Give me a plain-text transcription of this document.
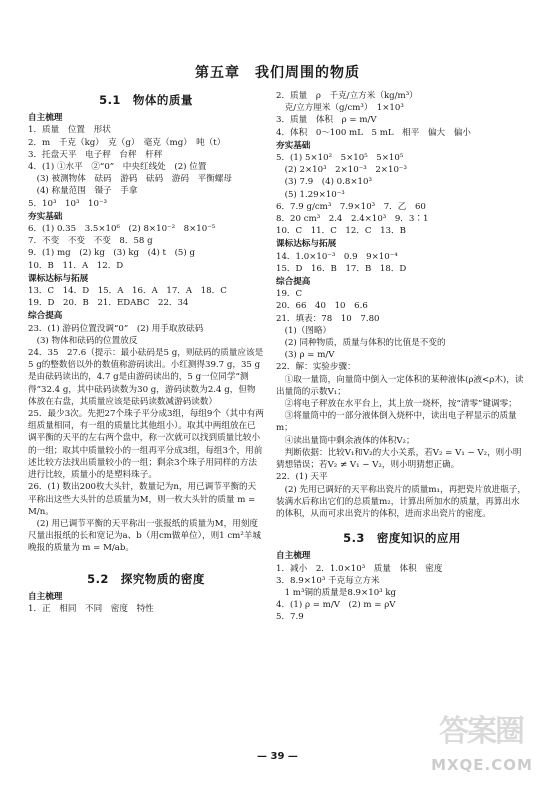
第五章　我们周围的物质
5.1　物体的质量
自主梳理
1．质量　位置　形状
2．m　千克（kg）　克（g）　毫克（mg）　吨（t）
3．托盘天平　电子秤　台秤　杆秤
4．(1) ①水平　②“0”　中央红线处　(2) 位置
　(3) 被测物体　砝码　游码　砝码　游码　平衡螺母
　(4) 称量范围　镊子　手拿
5．10³　10³　10⁻³
夯实基础
6．(1) 0.35　3.5×10⁶　(2) 8×10⁻²　8×10⁻⁵
7．不变　不变　不变　8．58 g
9．(1) mg　(2) kg　(3) kg　(4) t　(5) g
10．B　11．A　12．D
课标达标与拓展
13．C　14．D　15．A　16．A　17．A　18．C
19．D　20．B　21．EDABC　22．34
综合提高
23．(1) 游码位置没调“0”　(2) 用手取放砝码
　(3) 物体和砝码的位置放反
24．35　27.6（提示：最小砝码是5 g，则砝码的质量应该是5 g的整数倍以外的数值称游码读出。小红测得39.7 g，35 g是由砝码读出的，4.7 g是由游码读出的，5 g一位同学“测得”32.4 g，其中砝码读数为30 g，游码读数为2.4 g，但物体放在右盘，其质量应该是砝码读数减游码读数）
25．最少3次。先把27个珠子平分成3组，每组9个（其中有两组质量相同，有一组的质量比其他组小）。取其中两组放在已调平衡的天平的左右两个盘中，称一次就可以找到质量比较小的一组；取其中质量较小的一组再平分成3组，每组3个，用前述比较方法找出质量较小的一组；剩余3个珠子用同样的方法进行比较，质量小的是塑料珠子。
26．(1) 数出200枚大头针，数量记为n，用已调节平衡的天平称出这些大头针的总质量为M，则一枚大头针的质量 m = M/n。
　(2) 用已调节平衡的天平称出一张报纸的质量为M，用刻度尺量出报纸的长和宽记为a、b（用cm做单位），则1 cm²羊城晚报的质量为 m = M/ab。
5.2　探究物质的密度
自主梳理
1．正　相同　不同　密度　特性
2．质量　ρ　千克/立方米（kg/m³）
　克/立方厘米（g/cm³）　1×10³
3．质量　体积　ρ = m/V
4．体积　0～100 mL　5 mL　相平　偏大　偏小
夯实基础
5．(1) 5×10²　5×10⁵　5×10⁵
　(2) 2×10³　2×10⁻³　2×10⁻³
　(3) 7.9　(4) 0.8×10³
　(5) 1.29×10⁻³
6．7.9 g/cm³　7.9×10³　7．乙　60
8．20 cm³　2.4　2.4×10³　9．3∶1
10．C　11．C　12．C　13．B
课标达标与拓展
14．1.0×10⁻³　0.9　9×10⁻⁴
15．D　16．B　17．B　18．D
综合提高
19．C
20．66　40　10　6.6
21．填表：78　10　7.80
　(1)（图略）
　(2) 同种物质，质量与体积的比值是不变的
　(3) ρ = m/V
22．解：实验步骤：
　①取一量筒，向量筒中倒入一定体积的某种液体(ρ液<ρ木)，读出量筒的示数V₁；
　②将电子秤放在水平台上，其上放一烧杯，按“清零”键调零；
　③将量筒中的一部分液体倒入烧杯中，读出电子秤显示的质量m；
　④读出量筒中剩余液体的体积V₂；
　判断依据：比较V₁和V₂的大小关系，若V₂ = V₁ − V₂，则小明猜想错误；若V₂ ≠ V₁ − V₂，则小明猜想正确。
22．(1) 天平
　(2) 先用已调好的天平称出瓷片的质量m₁，再把瓷片放进瓶子，装满水后称出它们的总质量m₂，计算出所加水的质量，再算出水的体积，从而可求出瓷片的体积，进而求出瓷片的密度。
5.3　密度知识的应用
自主梳理
1．减小　2．1.0×10³　质量　体积　密度
3．8.9×10³ 千克每立方米
　1 m³铜的质量是8.9×10³ kg
4．(1) ρ = m/V　(2) m = ρV
5．7.9
— 39 —
答案圈
MXQE.COM
